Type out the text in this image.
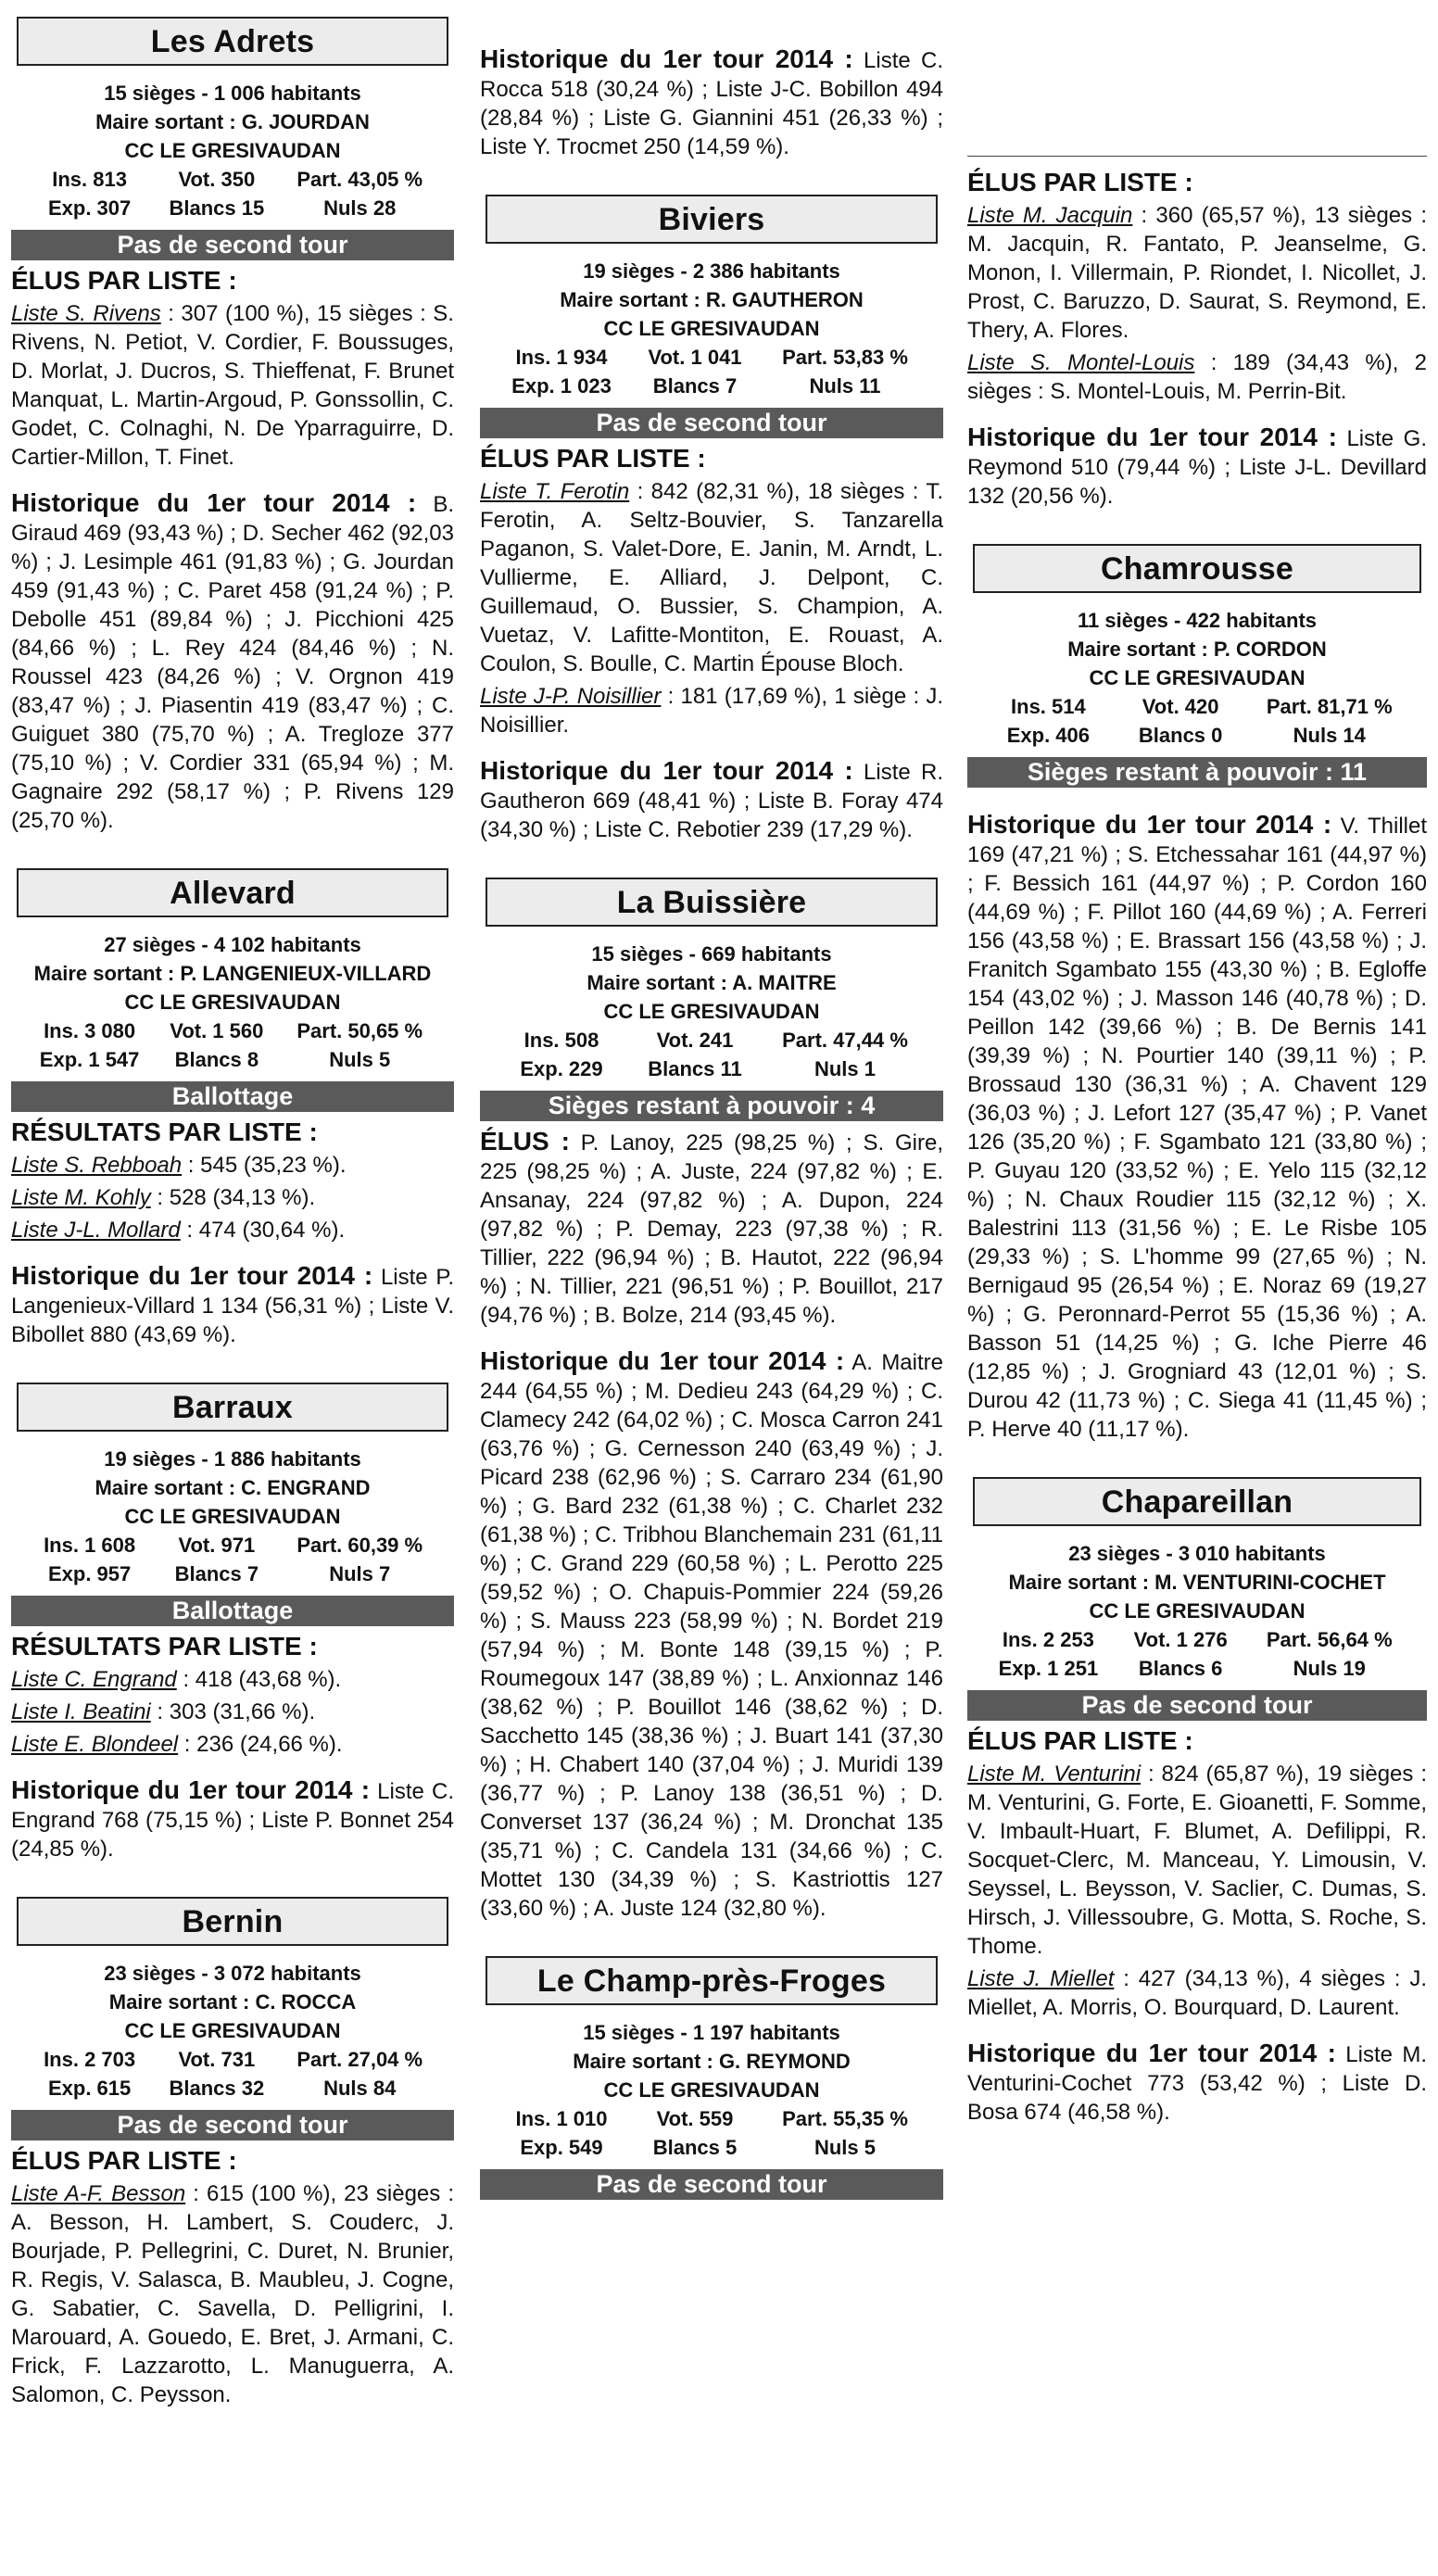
Les Adrets
15 sièges - 1 006 habitants
Maire sortant : G. JOURDAN
CC LE GRESIVAUDAN
Ins. 813	Vot. 350	Part. 43,05 %
Exp. 307	Blancs 15	Nuls 28
Pas de second tour
ÉLUS PAR LISTE :

Liste S. Rivens : 307 (100 %), 15 sièges : S. Rivens, N. Petiot, V. Cordier, F. Boussuges, D. Morlat, J. Ducros, S. Thieffenat, F. Brunet Manquat, L. Martin-Argoud, P. Gonssollin, C. Godet, C. Colnaghi, N. De Yparraguirre, D. Cartier-Millon, T. Finet.

Historique du 1er tour 2014 : B. Giraud 469 (93,43 %) ; D. Secher 462 (92,03 %) ; J. Lesimple 461 (91,83 %) ; G. Jourdan 459 (91,43 %) ; C. Paret 458 (91,24 %) ; P. Debolle 451 (89,84 %) ; J. Picchioni 425 (84,66 %) ; L. Rey 424 (84,46 %) ; N. Roussel 423 (84,26 %) ; V. Orgnon 419 (83,47 %) ; J. Piasentin 419 (83,47 %) ; C. Guiguet 380 (75,70 %) ; A. Tregloze 377 (75,10 %) ; V. Cordier 331 (65,94 %) ; M. Gagnaire 292 (58,17 %) ; P. Rivens 129 (25,70 %).

Allevard
27 sièges - 4 102 habitants
Maire sortant : P. LANGENIEUX-VILLARD
CC LE GRESIVAUDAN
Ins. 3 080	Vot. 1 560	Part. 50,65 %
Exp. 1 547	Blancs 8	Nuls 5
Ballottage
RÉSULTATS PAR LISTE :

Liste S. Rebboah : 545 (35,23 %).

Liste M. Kohly : 528 (34,13 %).

Liste J-L. Mollard : 474 (30,64 %).

Historique du 1er tour 2014 : Liste P. Langenieux-Villard 1 134 (56,31 %) ; Liste V. Bibollet 880 (43,69 %).

Barraux
19 sièges - 1 886 habitants
Maire sortant : C. ENGRAND
CC LE GRESIVAUDAN
Ins. 1 608	Vot. 971	Part. 60,39 %
Exp. 957	Blancs 7	Nuls 7
Ballottage
RÉSULTATS PAR LISTE :

Liste C. Engrand : 418 (43,68 %).

Liste I. Beatini : 303 (31,66 %).

Liste E. Blondeel : 236 (24,66 %).

Historique du 1er tour 2014 : Liste C. Engrand 768 (75,15 %) ; Liste P. Bonnet 254 (24,85 %).

Bernin
23 sièges - 3 072 habitants
Maire sortant : C. ROCCA
CC LE GRESIVAUDAN
Ins. 2 703	Vot. 731	Part. 27,04 %
Exp. 615	Blancs 32	Nuls 84
Pas de second tour
ÉLUS PAR LISTE :

Liste A-F. Besson : 615 (100 %), 23 sièges : A. Besson, H. Lambert, S. Couderc, J. Bourjade, P. Pellegrini, C. Duret, N. Brunier, R. Regis, V. Salasca, B. Maubleu, J. Cogne, G. Sabatier, C. Savella, D. Pelligrini, I. Marouard, A. Gouedo, E. Bret, J. Armani, C. Frick, F. Lazzarotto, L. Manuguerra, A. Salomon, C. Peysson.

Historique du 1er tour 2014 : Liste C. Rocca 518 (30,24 %) ; Liste J-C. Bobillon 494 (28,84 %) ; Liste G. Giannini 451 (26,33 %) ; Liste Y. Trocmet 250 (14,59 %).

Biviers
19 sièges - 2 386 habitants
Maire sortant : R. GAUTHERON
CC LE GRESIVAUDAN
Ins. 1 934	Vot. 1 041	Part. 53,83 %
Exp. 1 023	Blancs 7	Nuls 11
Pas de second tour
ÉLUS PAR LISTE :

Liste T. Ferotin : 842 (82,31 %), 18 sièges : T. Ferotin, A. Seltz-Bouvier, S. Tanzarella Paganon, S. Valet-Dore, E. Janin, M. Arndt, L. Vullierme, E. Alliard, J. Delpont, C. Guillemaud, O. Bussier, S. Champion, A. Vuetaz, V. Lafitte-Montiton, E. Rouast, A. Coulon, S. Boulle, C. Martin Épouse Bloch.

Liste J-P. Noisillier : 181 (17,69 %), 1 siège : J. Noisillier.

Historique du 1er tour 2014 : Liste R. Gautheron 669 (48,41 %) ; Liste B. Foray 474 (34,30 %) ; Liste C. Rebotier 239 (17,29 %).

La Buissière
15 sièges - 669 habitants
Maire sortant : A. MAITRE
CC LE GRESIVAUDAN
Ins. 508	Vot. 241	Part. 47,44 %
Exp. 229	Blancs 11	Nuls 1
Sièges restant à pouvoir : 4

ÉLUS : P. Lanoy, 225 (98,25 %) ; S. Gire, 225 (98,25 %) ; A. Juste, 224 (97,82 %) ; E. Ansanay, 224 (97,82 %) ; A. Dupon, 224 (97,82 %) ; P. Demay, 223 (97,38 %) ; R. Tillier, 222 (96,94 %) ; B. Hautot, 222 (96,94 %) ; N. Tillier, 221 (96,51 %) ; P. Bouillot, 217 (94,76 %) ; B. Bolze, 214 (93,45 %).

Historique du 1er tour 2014 : A. Maitre 244 (64,55 %) ; M. Dedieu 243 (64,29 %) ; C. Clamecy 242 (64,02 %) ; C. Mosca Carron 241 (63,76 %) ; G. Cernesson 240 (63,49 %) ; J. Picard 238 (62,96 %) ; S. Carraro 234 (61,90 %) ; G. Bard 232 (61,38 %) ; C. Charlet 232 (61,38 %) ; C. Tribhou Blanchemain 231 (61,11 %) ; C. Grand 229 (60,58 %) ; L. Perotto 225 (59,52 %) ; O. Chapuis-Pommier 224 (59,26 %) ; S. Mauss 223 (58,99 %) ; N. Bordet 219 (57,94 %) ; M. Bonte 148 (39,15 %) ; P. Roumegoux 147 (38,89 %) ; L. Anxionnaz 146 (38,62 %) ; P. Bouillot 146 (38,62 %) ; D. Sacchetto 145 (38,36 %) ; J. Buart 141 (37,30 %) ; H. Chabert 140 (37,04 %) ; J. Muridi 139 (36,77 %) ; P. Lanoy 138 (36,51 %) ; D. Converset 137 (36,24 %) ; M. Dronchat 135 (35,71 %) ; C. Candela 131 (34,66 %) ; C. Mottet 130 (34,39 %) ; S. Kastriottis 127 (33,60 %) ; A. Juste 124 (32,80 %).

Le Champ-près-Froges
15 sièges - 1 197 habitants
Maire sortant : G. REYMOND
CC LE GRESIVAUDAN
Ins. 1 010	Vot. 559	Part. 55,35 %
Exp. 549	Blancs 5	Nuls 5
Pas de second tour
ÉLUS PAR LISTE :

Liste M. Jacquin : 360 (65,57 %), 13 sièges : M. Jacquin, R. Fantato, P. Jeanselme, G. Monon, I. Villermain, P. Riondet, I. Nicollet, J. Prost, C. Baruzzo, D. Saurat, S. Reymond, E. Thery, A. Flores.

Liste S. Montel-Louis : 189 (34,43 %), 2 sièges : S. Montel-Louis, M. Perrin-Bit.

Historique du 1er tour 2014 : Liste G. Reymond 510 (79,44 %) ; Liste J-L. Devillard 132 (20,56 %).

Chamrousse
11 sièges - 422 habitants
Maire sortant : P. CORDON
CC LE GRESIVAUDAN
Ins. 514	Vot. 420	Part. 81,71 %
Exp. 406	Blancs 0	Nuls 14
Sièges restant à pouvoir : 11

Historique du 1er tour 2014 : V. Thillet 169 (47,21 %) ; S. Etchessahar 161 (44,97 %) ; F. Bessich 161 (44,97 %) ; P. Cordon 160 (44,69 %) ; F. Pillot 160 (44,69 %) ; A. Ferreri 156 (43,58 %) ; E. Brassart 156 (43,58 %) ; J. Franitch Sgambato 155 (43,30 %) ; B. Egloffe 154 (43,02 %) ; J. Masson 146 (40,78 %) ; D. Peillon 142 (39,66 %) ; B. De Bernis 141 (39,39 %) ; N. Pourtier 140 (39,11 %) ; P. Brossaud 130 (36,31 %) ; A. Chavent 129 (36,03 %) ; J. Lefort 127 (35,47 %) ; P. Vanet 126 (35,20 %) ; F. Sgambato 121 (33,80 %) ; P. Guyau 120 (33,52 %) ; E. Yelo 115 (32,12 %) ; N. Chaux Roudier 115 (32,12 %) ; X. Balestrini 113 (31,56 %) ; E. Le Risbe 105 (29,33 %) ; S. L'homme 99 (27,65 %) ; N. Bernigaud 95 (26,54 %) ; E. Noraz 69 (19,27 %) ; G. Peronnard-Perrot 55 (15,36 %) ; A. Basson 51 (14,25 %) ; G. Iche Pierre 46 (12,85 %) ; J. Grogniard 43 (12,01 %) ; S. Durou 42 (11,73 %) ; C. Siega 41 (11,45 %) ; P. Herve 40 (11,17 %).

Chapareillan
23 sièges - 3 010 habitants
Maire sortant : M. VENTURINI-COCHET
CC LE GRESIVAUDAN
Ins. 2 253	Vot. 1 276	Part. 56,64 %
Exp. 1 251	Blancs 6	Nuls 19
Pas de second tour
ÉLUS PAR LISTE :

Liste M. Venturini : 824 (65,87 %), 19 sièges : M. Venturini, G. Forte, E. Gioanetti, F. Somme, V. Imbault-Huart, F. Blumet, A. Defilippi, R. Socquet-Clerc, M. Manceau, Y. Limousin, V. Seyssel, L. Beysson, V. Saclier, C. Dumas, S. Hirsch, J. Villessoubre, G. Motta, S. Roche, S. Thome.

Liste J. Miellet : 427 (34,13 %), 4 sièges : J. Miellet, A. Morris, O. Bourquard, D. Laurent.

Historique du 1er tour 2014 : Liste M. Venturini-Cochet 773 (53,42 %) ; Liste D. Bosa 674 (46,58 %).
